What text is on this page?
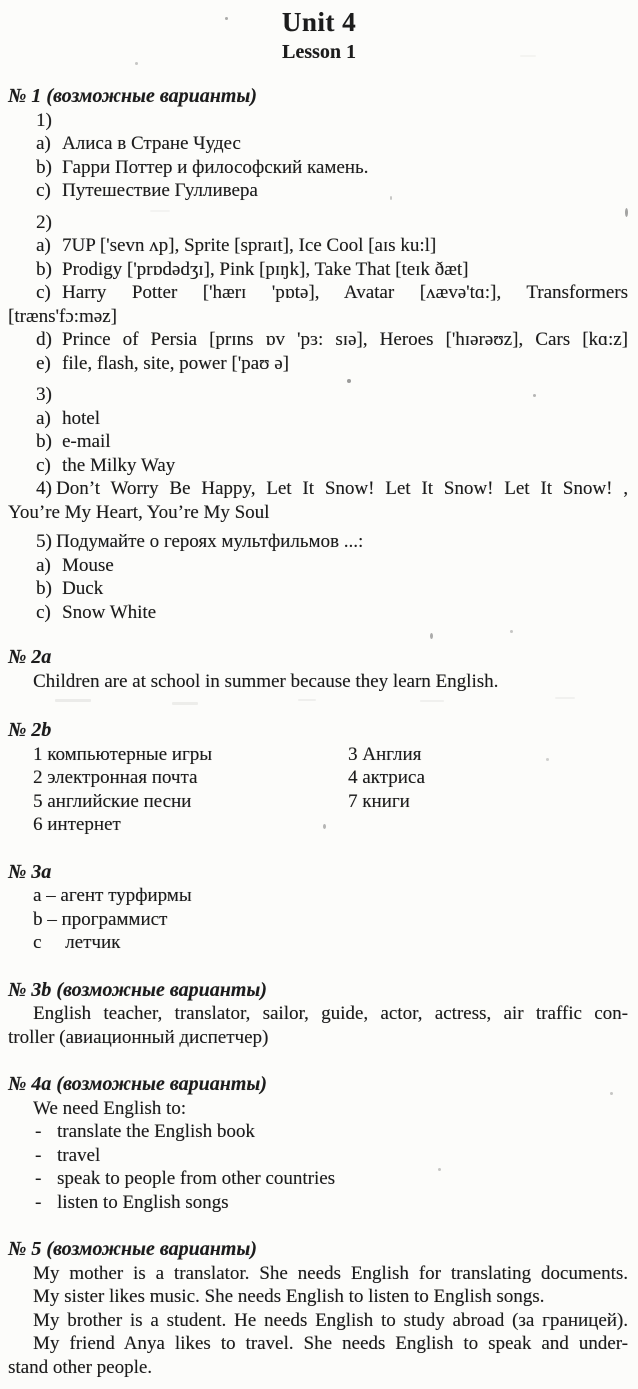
Unit 4
Lesson 1
№ 1 (возможные варианты)
1)
a) Алиса в Стране Чудес
b) Гарри Поттер и философский камень.
c) Путешествие Гулливера
2)
a) 7UP ['sevn ʌp], Sprite [spraɪt], Ice Cool [aɪs ku:l]
b) Prodigy ['prɒdədʒɪ], Pink [pɪŋk], Take That [teɪk ðæt]
c) Harry Potter ['hærɪ 'pɒtə], Avatar [ʌævə'tɑ:], Transformers
[træns'fɔ:məz]
d) Prince of Persia [prɪns ɒv 'pɜ: sɪə], Heroes ['hɪərəʊz], Cars [kɑ:z]
e) file, flash, site, power ['paʊ ə]
3)
a) hotel
b) e-mail
c) the Milky Way
4) Don’t Worry Be Happy, Let It Snow! Let It Snow! Let It Snow! ,
You’re My Heart, You’re My Soul
5) Подумайте о героях мультфильмов ...:
a) Mouse
b) Duck
c) Snow White
№ 2a
Children are at school in summer because they learn English.
№ 2b
1 компьютерные игры
2 электронная почта
5 английские песни
6 интернет
3 Англия
4 актриса
7 книги
№ 3a
a – агент турфирмы
b – программист
c     летчик
№ 3b (возможные варианты)
English teacher, translator, sailor, guide, actor, actress, air traffic con-
troller (авиационный диспетчер)
№ 4a (возможные варианты)
We need English to:
- translate the English book
- travel
- speak to people from other countries
- listen to English songs
№ 5 (возможные варианты)
My mother is a translator. She needs English for translating documents.
My sister likes music. She needs English to listen to English songs.
My brother is a student. He needs English to study abroad (за границей).
My friend Anya likes to travel. She needs English to speak and under-
stand other people.
